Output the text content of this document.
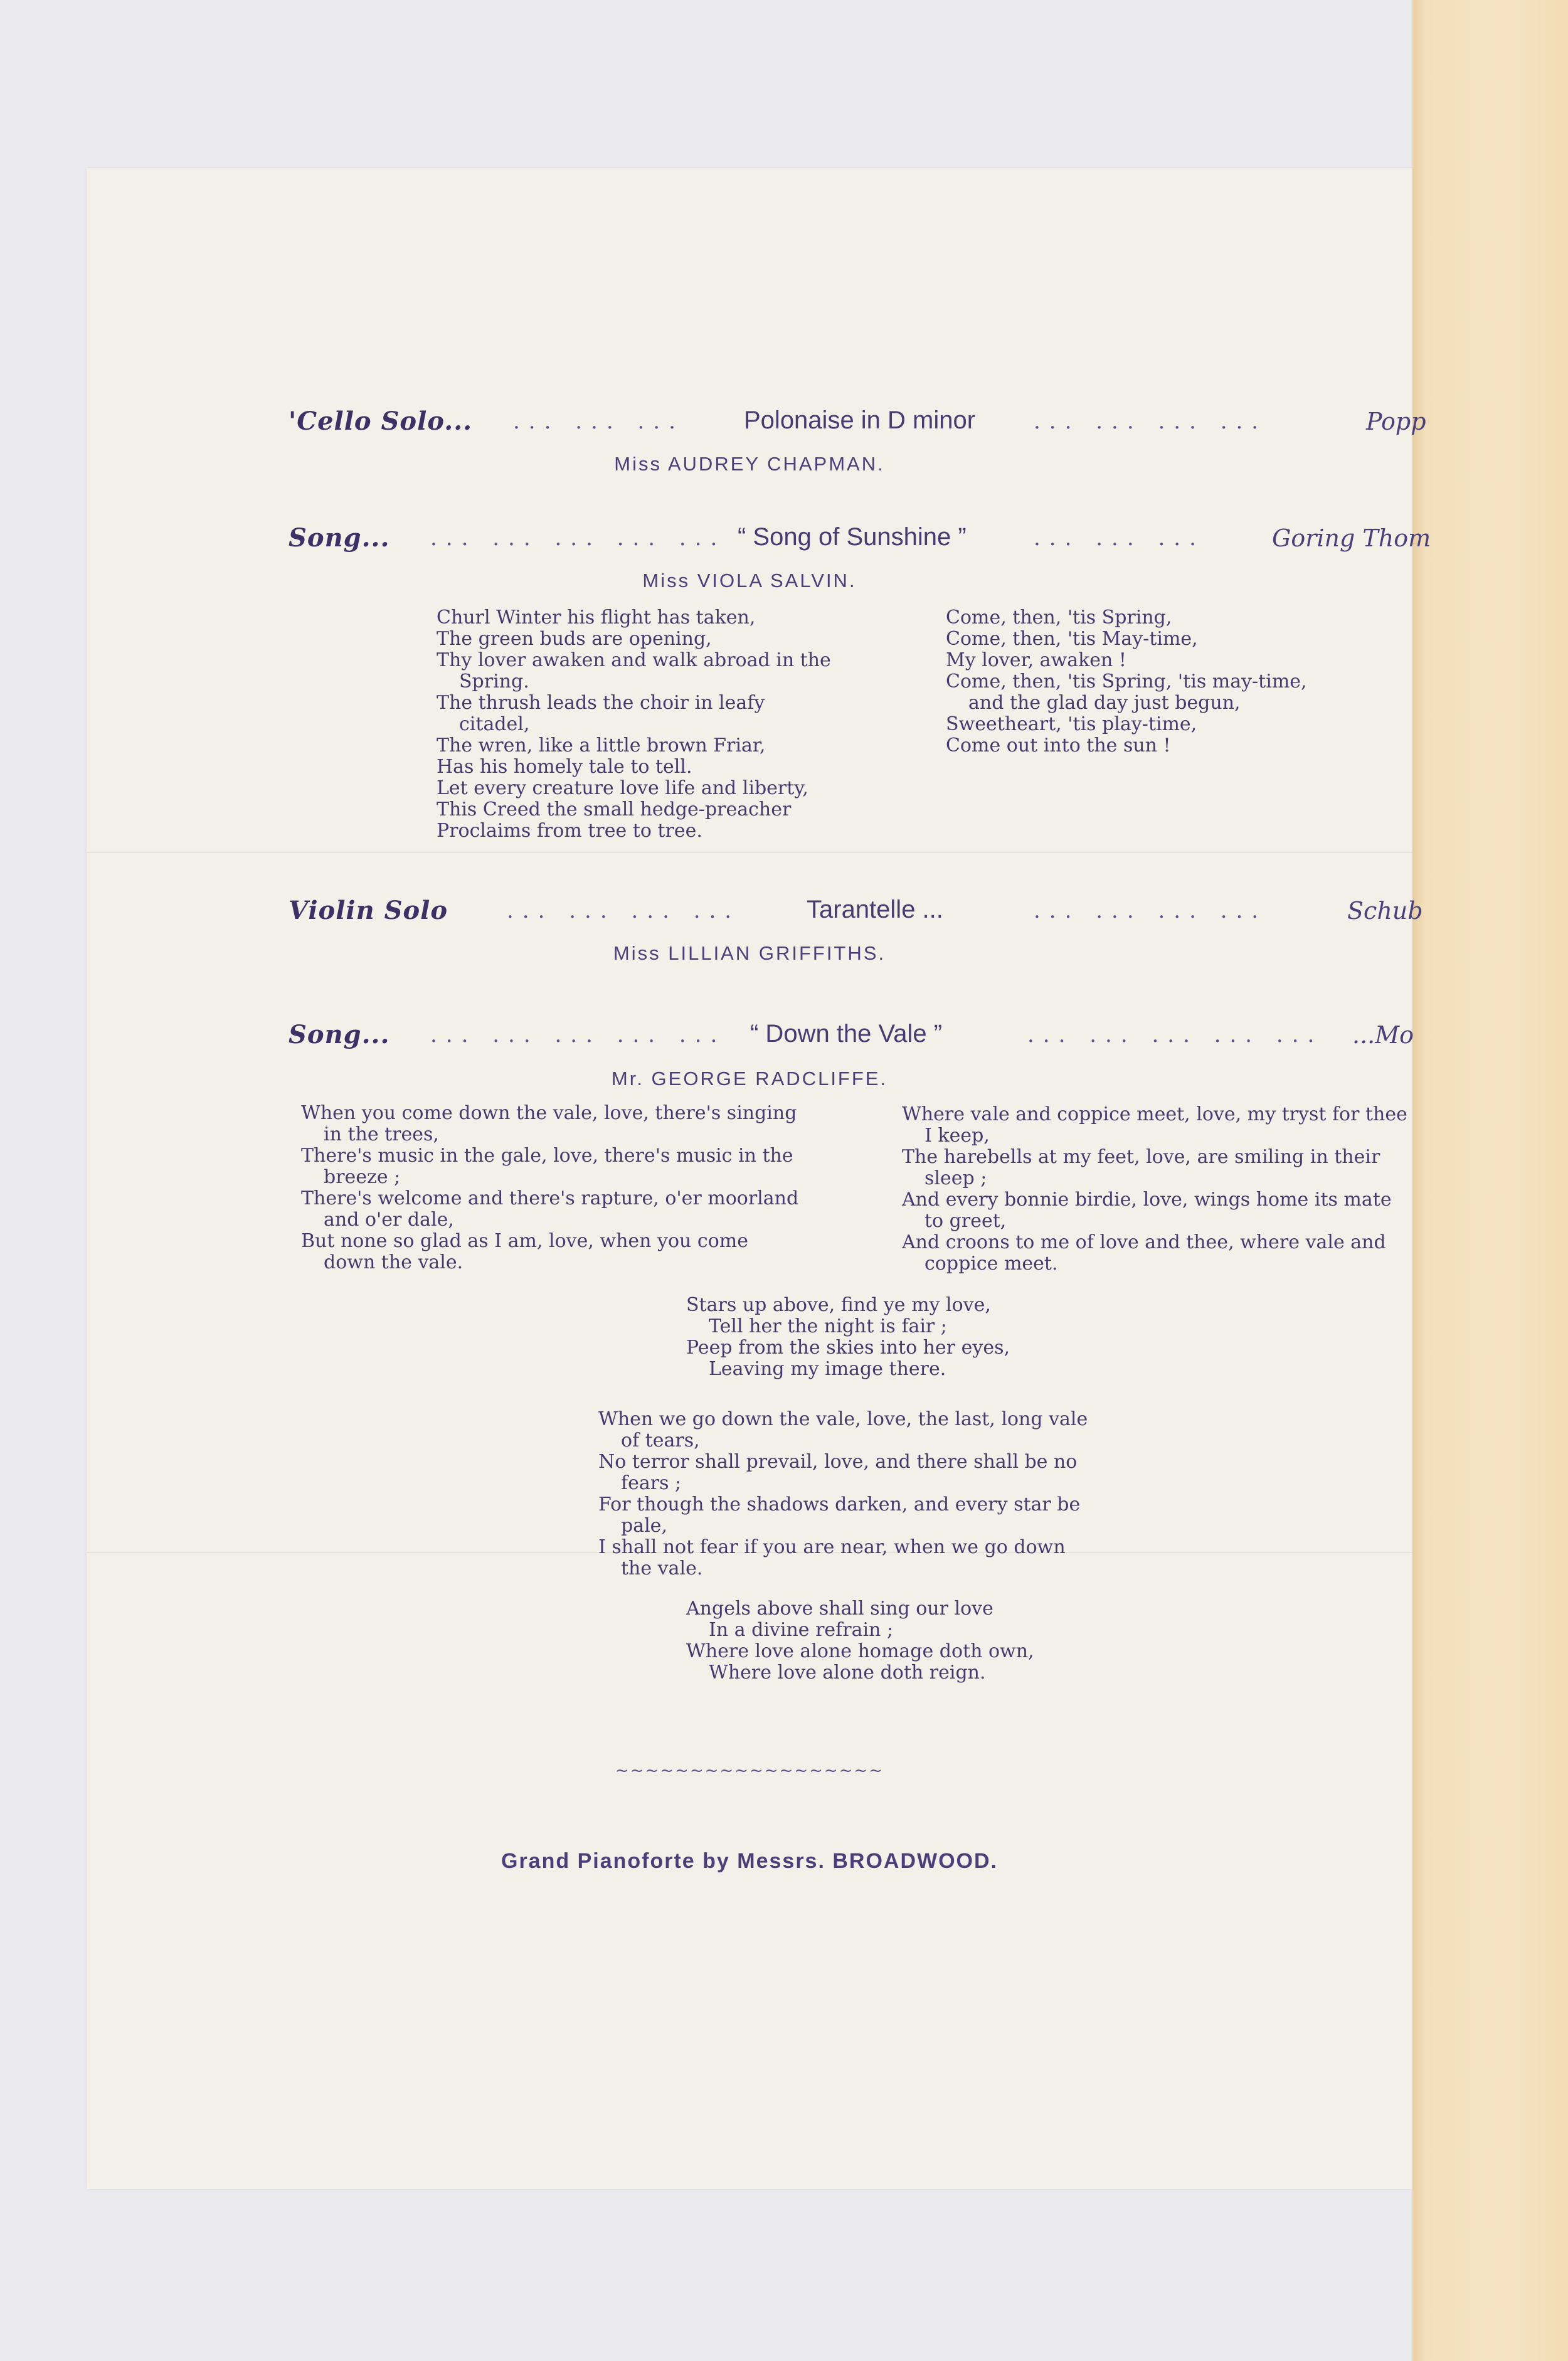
'Cello Solo... ... ... ... Polonaise in D minor	... ... ... ...	Popp
Miss AUDREY CHAPMAN.
Song... ... ... ... ... ... “ Song of Sunshine ”	... ... ...	Goring Thom
Miss VIOLA SALVIN.
Churl Winter his flight has taken,
The green buds are opening,
Thy lover awaken and walk abroad in the
Spring.
The thrush leads the choir in leafy
citadel,
The wren, like a little brown Friar,
Has his homely tale to tell.
Let every creature love life and liberty,
This Creed the small hedge-preacher
Proclaims from tree to tree.
Come, then, 'tis Spring,
Come, then, 'tis May-time,
My lover, awaken !
Come, then, 'tis Spring, 'tis may-time,
and the glad day just begun,
Sweetheart, 'tis play-time,
Come out into the sun !
Violin Solo	... ... ... ...	Tarantelle ...	... ... ... ...	Schub
Miss LILLIAN GRIFFITHS.
Song... ... ... ... ... ... “ Down the Vale ”	... ... ... ... ... ...Mo
Mr. GEORGE RADCLIFFE.
When you come down the vale, love, there's singing
in the trees,
There's music in the gale, love, there's music in the
breeze ;
There's welcome and there's rapture, o'er moorland
and o'er dale,
But none so glad as I am, love, when you come
down the vale.
Where vale and coppice meet, love, my tryst for thee
I keep,
The harebells at my feet, love, are smiling in their
sleep ;
And every bonnie birdie, love, wings home its mate
to greet,
And croons to me of love and thee, where vale and
coppice meet.
Stars up above, find ye my love,
Tell her the night is fair ;
Peep from the skies into her eyes,
Leaving my image there.
When we go down the vale, love, the last, long vale
of tears,
No terror shall prevail, love, and there shall be no
fears ;
For though the shadows darken, and every star be
pale,
I shall not fear if you are near, when we go down
the vale.
Angels above shall sing our love
In a divine refrain ;
Where love alone homage doth own,
Where love alone doth reign.
~~~~~~~~~~~~~~~~~~
Grand Pianoforte by Messrs. BROADWOOD.
